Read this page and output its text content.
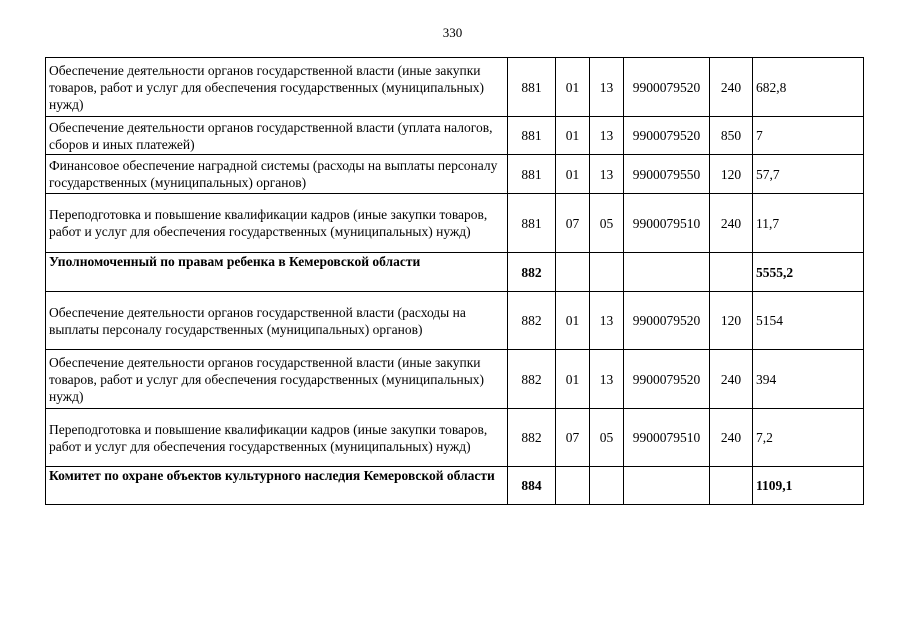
330
Обеспечение деятельности органов государственной власти (иные закупки товаров, работ и услуг для обеспечения государственных (муниципальных) нужд)	881	01	13	9900079520	240	682,8
Обеспечение деятельности органов государственной власти (уплата налогов, сборов и иных платежей)	881	01	13	9900079520	850	7
Финансовое обеспечение наградной системы (расходы на выплаты персоналу государственных (муниципальных) органов)	881	01	13	9900079550	120	57,7
Переподготовка и повышение квалификации кадров (иные закупки товаров, работ и услуг для обеспечения государственных (муниципальных) нужд)	881	07	05	9900079510	240	11,7
Уполномоченный по правам ребенка в Кемеровской области	882					5555,2
Обеспечение деятельности органов государственной власти (расходы на выплаты персоналу государственных (муниципальных) органов)	882	01	13	9900079520	120	5154
Обеспечение деятельности органов государственной власти (иные закупки товаров, работ и услуг для обеспечения государственных (муниципальных) нужд)	882	01	13	9900079520	240	394
Переподготовка и повышение квалификации кадров (иные закупки товаров, работ и услуг для обеспечения государственных (муниципальных) нужд)	882	07	05	9900079510	240	7,2
Комитет по охране объектов культурного наследия Кемеровской области	884					1109,1
